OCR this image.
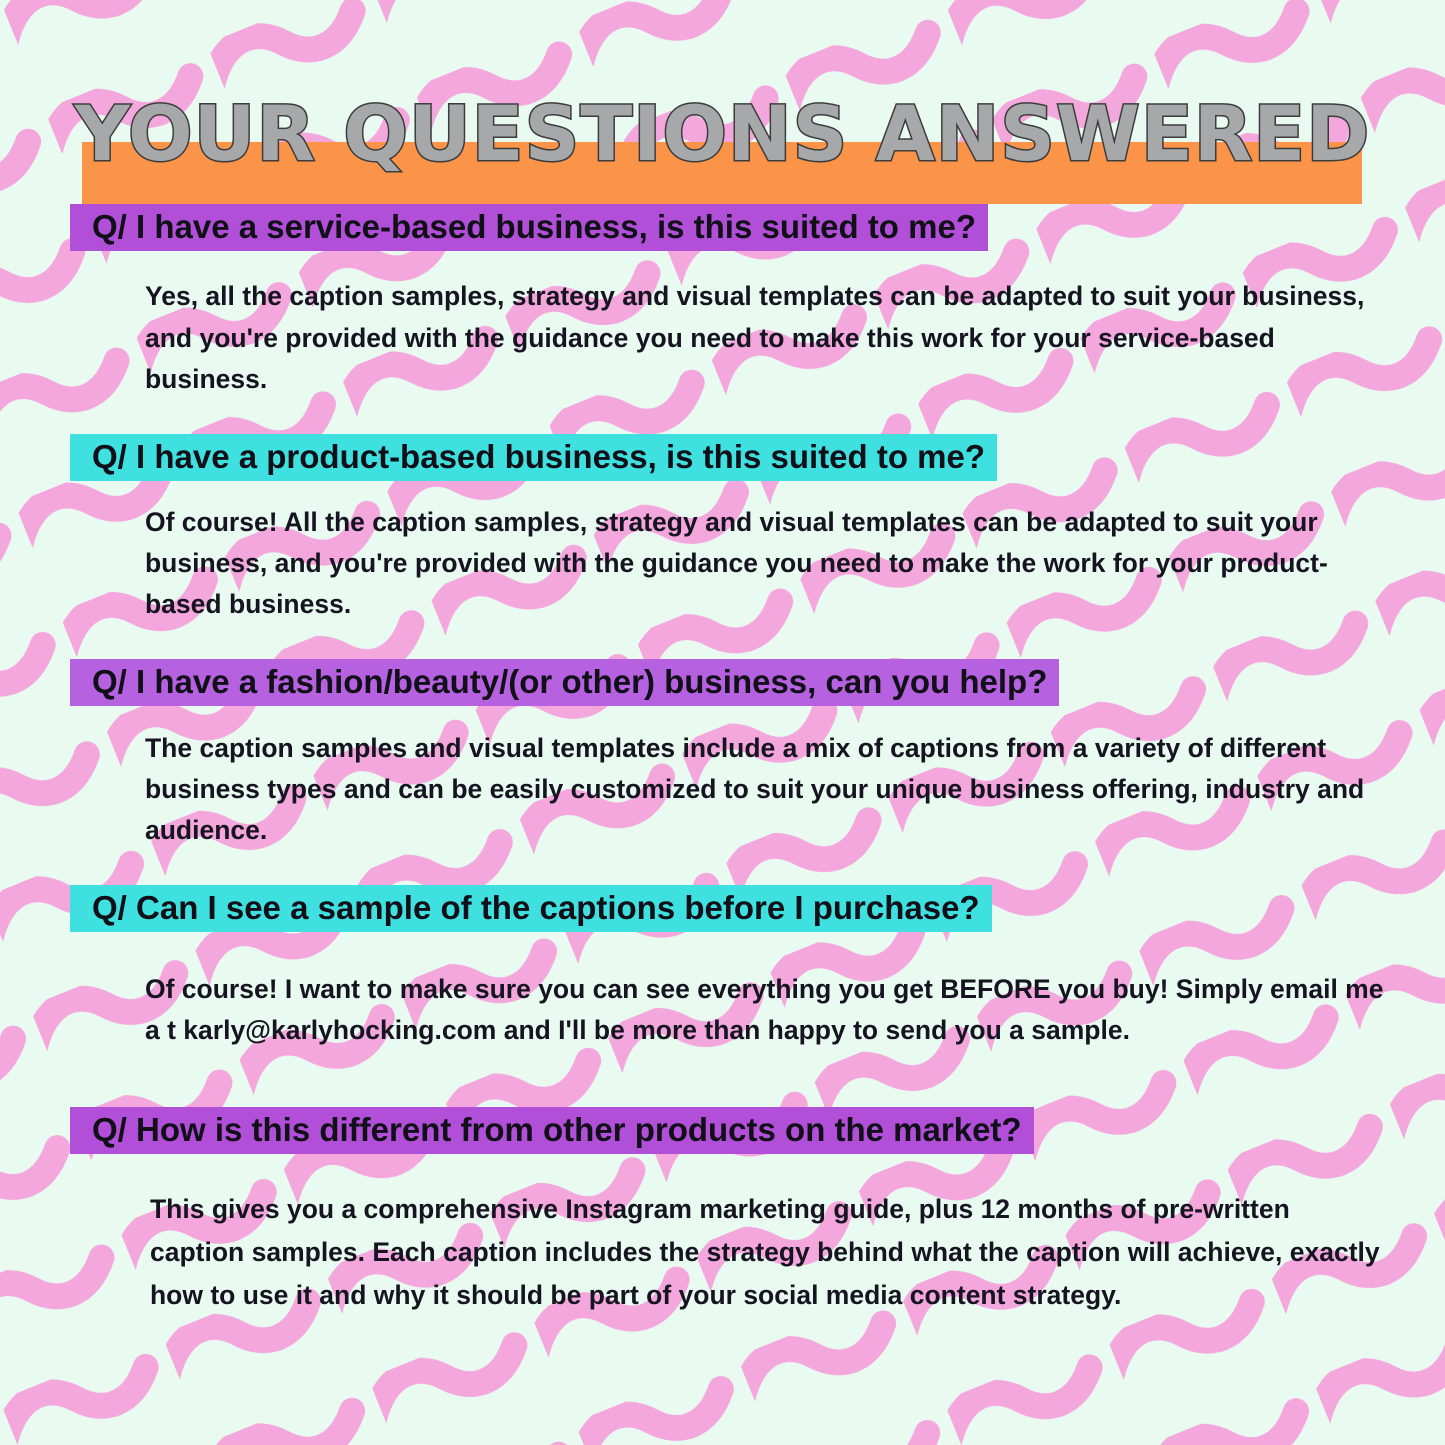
YOUR QUESTIONS ANSWERED
Q/ I have a service-based business, is this suited to me?
Yes, all the caption samples, strategy and visual templates can be adapted to suit your business, and you're provided with the guidance you need to make this work for your service-based business.
Q/ I have a product-based business, is this suited to me?
Of course! All the caption samples, strategy and visual templates can be adapted to suit your business, and you're provided with the guidance you need to make the work for your product-based business.
Q/ I have a fashion/beauty/(or other) business, can you help?
The caption samples and visual templates include a mix of captions from a variety of different business types and can be easily customized to suit your unique business offering, industry and audience.
Q/ Can I see a sample of the captions before I purchase?
Of course! I want to make sure you can see everything you get BEFORE you buy! Simply email me a t karly@karlyhocking.com and I'll be more than happy to send you a sample.
Q/ How is this different from other products on the market?
This gives you a comprehensive Instagram marketing guide, plus 12 months of pre-written caption samples. Each caption includes the strategy behind what the caption will achieve, exactly how to use it and why it should be part of your social media content strategy.
